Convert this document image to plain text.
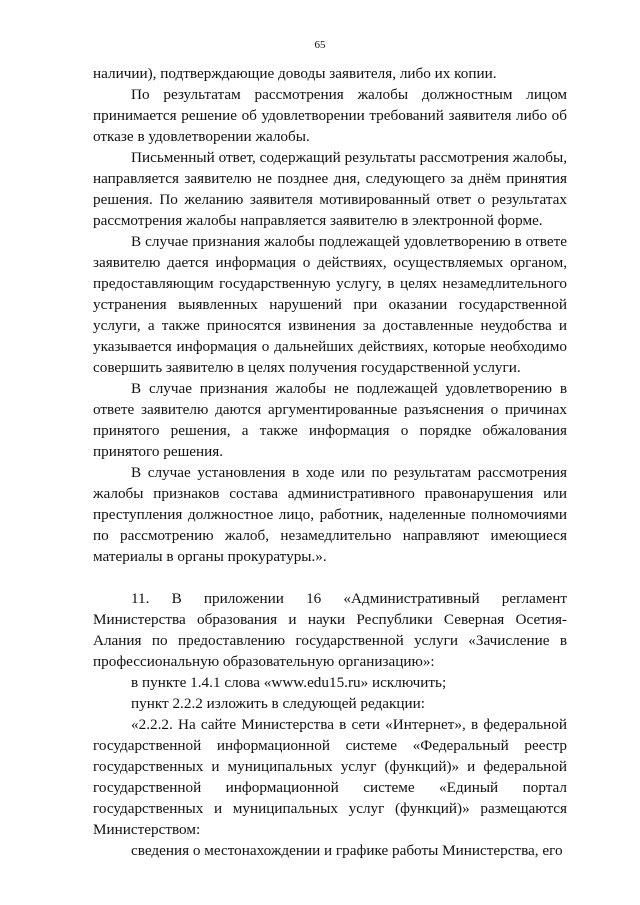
65

наличии), подтверждающие доводы заявителя, либо их копии.

По результатам рассмотрения жалобы должностным лицом принимается решение об удовлетворении требований заявителя либо об отказе в удовлетворении жалобы.

Письменный ответ, содержащий результаты рассмотрения жалобы, направляется заявителю не позднее дня, следующего за днём принятия решения. По желанию заявителя мотивированный ответ о результатах рассмотрения жалобы направляется заявителю в электронной форме.

В случае признания жалобы подлежащей удовлетворению в ответе заявителю дается информация о действиях, осуществляемых органом, предоставляющим государственную услугу, в целях незамедлительного устранения выявленных нарушений при оказании государственной услуги, а также приносятся извинения за доставленные неудобства и указывается информация о дальнейших действиях, которые необходимо совершить заявителю в целях получения государственной услуги.

В случае признания жалобы не подлежащей удовлетворению в ответе заявителю даются аргументированные разъяснения о причинах принятого решения, а также информация о порядке обжалования принятого решения.

В случае установления в ходе или по результатам рассмотрения жалобы признаков состава административного правонарушения или преступления должностное лицо, работник, наделенные полномочиями по рассмотрению жалоб, незамедлительно направляют имеющиеся материалы в органы прокуратуры.».

11. В приложении 16 «Административный регламент Министерства образования и науки Республики Северная Осетия-Алания по предоставлению государственной услуги «Зачисление в профессиональную образовательную организацию»:

в пункте 1.4.1 слова «www.edu15.ru» исключить;

пункт 2.2.2 изложить в следующей редакции:

«2.2.2. На сайте Министерства в сети «Интернет», в федеральной государственной информационной системе «Федеральный реестр государственных и муниципальных услуг (функций)» и федеральной государственной информационной системе «Единый портал государственных и муниципальных услуг (функций)» размещаются Министерством:

сведения о местонахождении и графике работы Министерства, его
